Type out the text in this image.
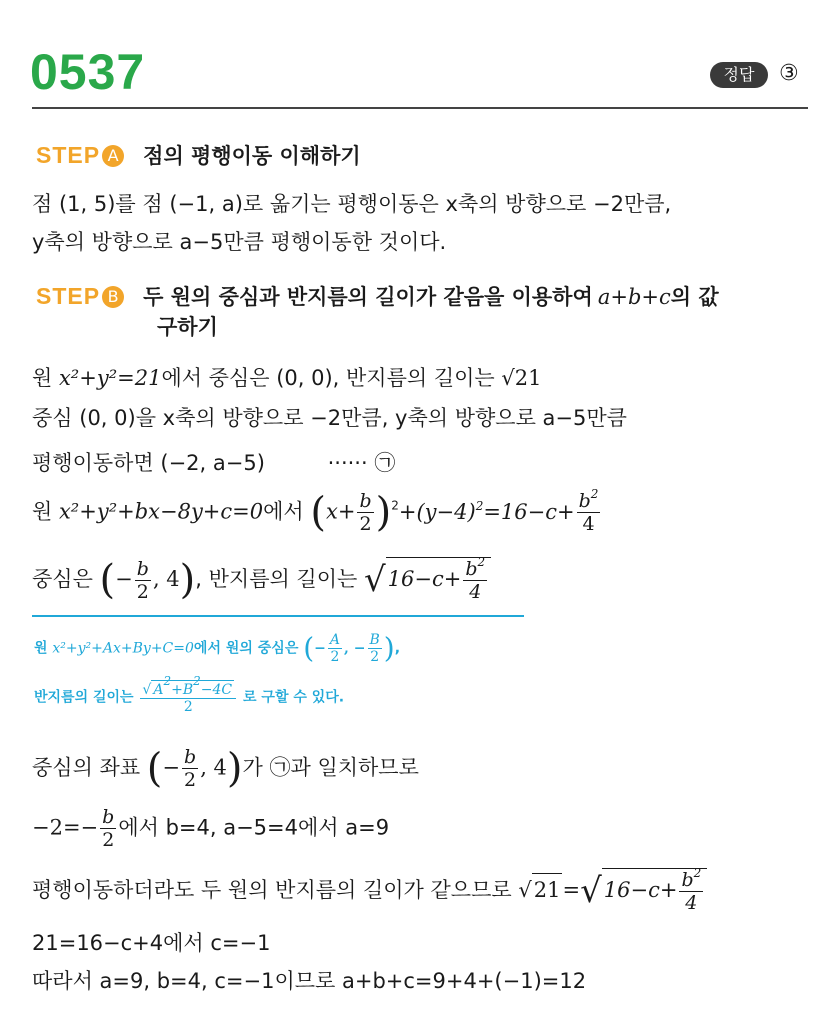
0537	정답	③
STEP A 점의 평행이동 이해하기
점 (1, 5)를 점 (−1, a)로 옮기는 평행이동은 x축의 방향으로 −2만큼,
y축의 방향으로 a−5만큼 평행이동한 것이다.
STEP B 두 원의 중심과 반지름의 길이가 같음을 이용하여 a+b+c의 값
구하기
원 x²+y²=21에서 중심은 (0, 0), 반지름의 길이는 √21
중심 (0, 0)을 x축의 방향으로 −2만큼, y축의 방향으로 a−5만큼
평행이동하면 (−2, a−5)	······ ㉠
원 x²+y²+bx−8y+c=0에서 $(x+ \frac{b}{2} )^2+(y-4)^2=16-c+ \frac{b^2}{4}$
중심은 (− $\frac{b}{2}$ , 4), 반지름의 길이는 $√16-c+ \frac{b^2}{4}$
원 x²+y²+Ax+By+C=0에서 원의 중심은 (− $\frac{A}{2}$ , − $\frac{B}{2}$ ),
반지름의 길이는 $\frac{√ A^2+B^2-4C}{2}$ 로 구할 수 있다.
중심의 좌표 (− $\frac{b}{2}$ , 4)가 ㉠과 일치하므로
$-2=- \frac{b}{2}$ 에서 b=4, a−5=4에서 a=9
평행이동하더라도 두 원의 반지름의 길이가 같으므로 $√21=√16-c+ \frac{b^2}{4}$
21=16−c+4에서 c=−1
따라서 a=9, b=4, c=−1이므로 a+b+c=9+4+(−1)=12
